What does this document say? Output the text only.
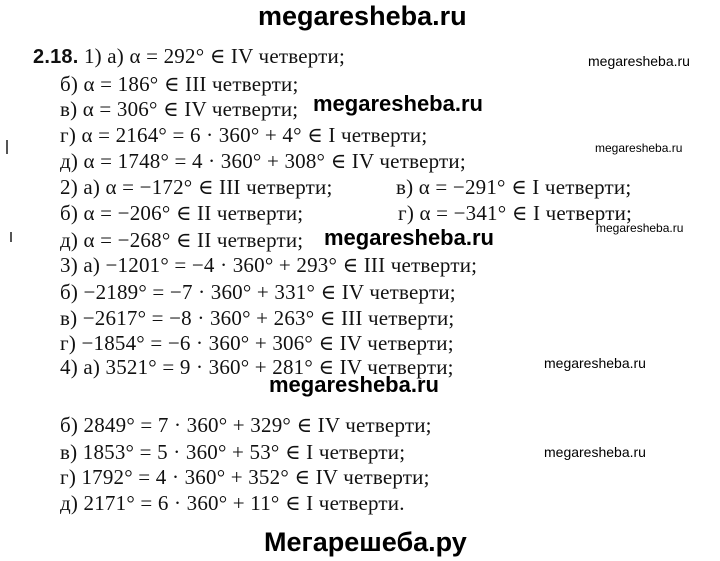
megaresheba.ru
megaresheba.ru
megaresheba.ru
megaresheba.ru
megaresheba.ru
megaresheba.ru
megaresheba.ru
megaresheba.ru
megaresheba.ru
Мегарешеба.ру
2.18. 1) а) α = 292° ∈ IV четверти;
б) α = 186° ∈ III четверти;
в) α = 306° ∈ IV четверти;
г) α = 2164° = 6 · 360° + 4° ∈ I четверти;
д) α = 1748° = 4 · 360° + 308° ∈ IV четверти;
2) а) α = −172° ∈ III четверти;	в) α = −291° ∈ I четверти;
б) α = −206° ∈ II четверти;	г) α = −341° ∈ I четверти;
д) α = −268° ∈ II четверти;
3) а) −1201° = −4 · 360° + 293° ∈ III четверти;
б) −2189° = −7 · 360° + 331° ∈ IV четверти;
в) −2617° = −8 · 360° + 263° ∈ III четверти;
г) −1854° = −6 · 360° + 306° ∈ IV четверти;
4) а) 3521° = 9 · 360° + 281° ∈ IV четверти;
б) 2849° = 7 · 360° + 329° ∈ IV четверти;
в) 1853° = 5 · 360° + 53° ∈ I четверти;
г) 1792° = 4 · 360° + 352° ∈ IV четверти;
д) 2171° = 6 · 360° + 11° ∈ I четверти.
